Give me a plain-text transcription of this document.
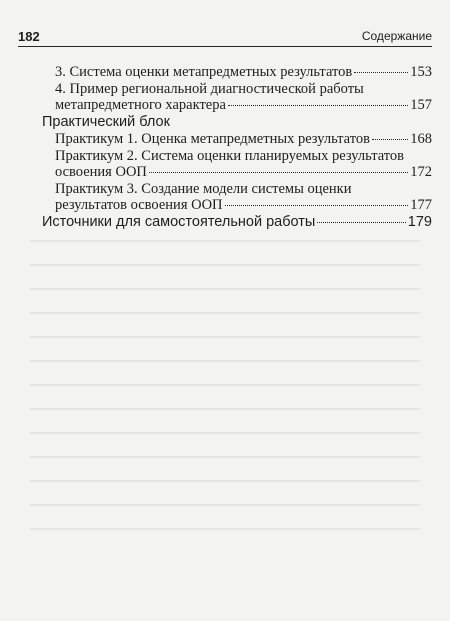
182	Содержание
3. Система оценки метапредметных результатов	153
4. Пример региональной диагностической работы
метапредметного характера	157
Практический блок
Практикум 1. Оценка метапредметных результатов	168
Практикум 2. Система оценки планируемых результатов
освоения ООП	172
Практикум 3. Создание модели системы оценки
результатов освоения ООП	177
Источники для самостоятельной работы	179
